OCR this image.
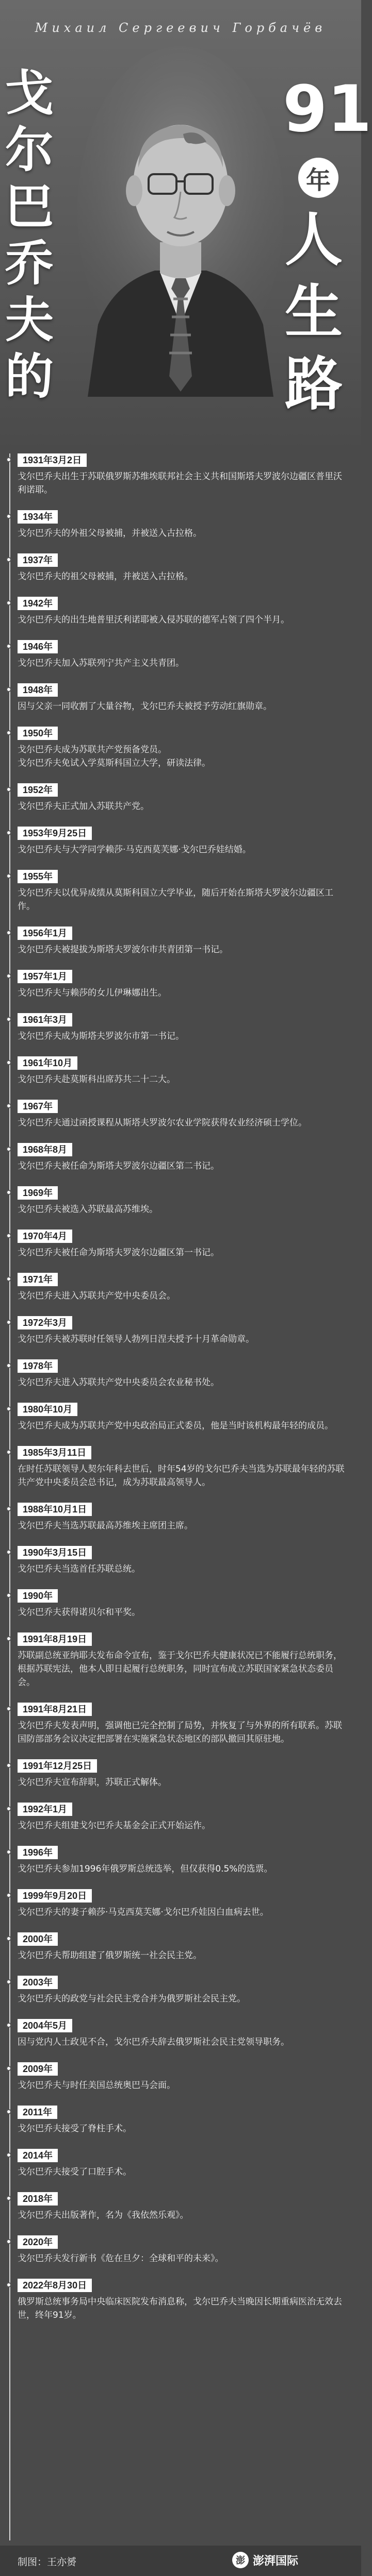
Михаил Сергеевич Горбачёв
戈
尔
巴
乔
夫
的
91
年
人
生
路
1931年3月2日
戈尔巴乔夫出生于苏联俄罗斯苏维埃联邦社会主义共和国斯塔夫罗波尔边疆区普里沃利诺耶。
1934年
戈尔巴乔夫的外祖父母被捕，并被送入古拉格。
1937年
戈尔巴乔夫的祖父母被捕，并被送入古拉格。
1942年
戈尔巴乔夫的出生地普里沃利诺耶被入侵苏联的德军占领了四个半月。
1946年
戈尔巴乔夫加入苏联列宁共产主义共青团。
1948年
因与父亲一同收割了大量谷物，戈尔巴乔夫被授予劳动红旗勋章。
1950年
戈尔巴乔夫成为苏联共产党预备党员。
戈尔巴乔夫免试入学莫斯科国立大学，研读法律。
1952年
戈尔巴乔夫正式加入苏联共产党。
1953年9月25日
戈尔巴乔夫与大学同学赖莎·马克西莫芙娜·戈尔巴乔娃结婚。
1955年
戈尔巴乔夫以优异成绩从莫斯科国立大学毕业，随后开始在斯塔夫罗波尔边疆区工作。
1956年1月
戈尔巴乔夫被提拔为斯塔夫罗波尔市共青团第一书记。
1957年1月
戈尔巴乔夫与赖莎的女儿伊琳娜出生。
1961年3月
戈尔巴乔夫成为斯塔夫罗波尔市第一书记。
1961年10月
戈尔巴乔夫赴莫斯科出席苏共二十二大。
1967年
戈尔巴乔夫通过函授课程从斯塔夫罗波尔农业学院获得农业经济硕士学位。
1968年8月
戈尔巴乔夫被任命为斯塔夫罗波尔边疆区第二书记。
1969年
戈尔巴乔夫被选入苏联最高苏维埃。
1970年4月
戈尔巴乔夫被任命为斯塔夫罗波尔边疆区第一书记。
1971年
戈尔巴乔夫进入苏联共产党中央委员会。
1972年3月
戈尔巴乔夫被苏联时任领导人勃列日涅夫授予十月革命勋章。
1978年
戈尔巴乔夫进入苏联共产党中央委员会农业秘书处。
1980年10月
戈尔巴乔夫成为苏联共产党中央政治局正式委员，他是当时该机构最年轻的成员。
1985年3月11日
在时任苏联领导人契尔年科去世后，时年54岁的戈尔巴乔夫当选为苏联最年轻的苏联共产党中央委员会总书记，成为苏联最高领导人。
1988年10月1日
戈尔巴乔夫当选苏联最高苏维埃主席团主席。
1990年3月15日
戈尔巴乔夫当选首任苏联总统。
1990年
戈尔巴乔夫获得诺贝尔和平奖。
1991年8月19日
苏联副总统亚纳耶夫发布命令宣布，鉴于戈尔巴乔夫健康状况已不能履行总统职务，根据苏联宪法，他本人即日起履行总统职务，同时宣布成立苏联国家紧急状态委员会。
1991年8月21日
戈尔巴乔夫发表声明，强调他已完全控制了局势，并恢复了与外界的所有联系。苏联国防部部务会议决定把部署在实施紧急状态地区的部队撤回其原驻地。
1991年12月25日
戈尔巴乔夫宣布辞职，苏联正式解体。
1992年1月
戈尔巴乔夫组建戈尔巴乔夫基金会正式开始运作。
1996年
戈尔巴乔夫参加1996年俄罗斯总统选举，但仅获得0.5%的选票。
1999年9月20日
戈尔巴乔夫的妻子赖莎·马克西莫芙娜·戈尔巴乔娃因白血病去世。
2000年
戈尔巴乔夫帮助组建了俄罗斯统一社会民主党。
2003年
戈尔巴乔夫的政党与社会民主党合并为俄罗斯社会民主党。
2004年5月
因与党内人士政见不合，戈尔巴乔夫辞去俄罗斯社会民主党领导职务。
2009年
戈尔巴乔夫与时任美国总统奥巴马会面。
2011年
戈尔巴乔夫接受了脊柱手术。
2014年
戈尔巴乔夫接受了口腔手术。
2018年
戈尔巴乔夫出版著作，名为《我依然乐观》。
2020年
戈尔巴乔夫发行新书《危在旦夕：全球和平的未来》。
2022年8月30日
俄罗斯总统事务局中央临床医院发布消息称，戈尔巴乔夫当晚因长期重病医治无效去世，终年91岁。
制图：王亦赟	澎 澎湃国际
